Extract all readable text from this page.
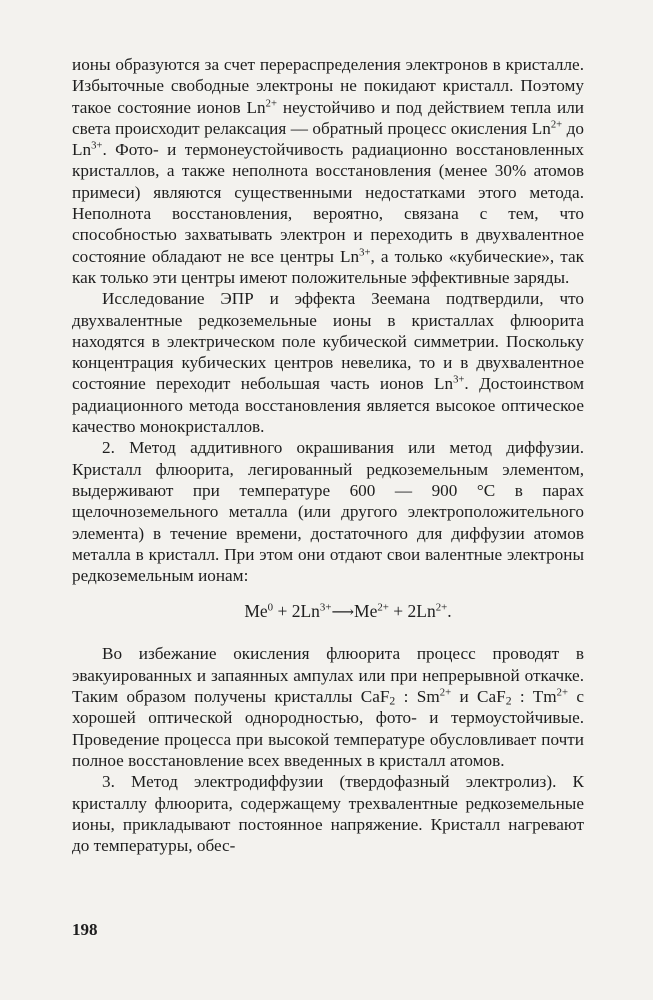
ионы образуются за счет перераспределения электронов в кристалле. Избыточные свободные электроны не покидают кристалл. Поэтому такое состояние ионов $Ln^{2+}$ неустойчиво и под действием тепла или света происходит релаксация — обратный процесс окисления $Ln^{2+}$ до $Ln^{3+}$. Фото- и термонеустойчивость радиационно восстановленных кристаллов, а также неполнота восстановления (менее 30% атомов примеси) являются существенными недостатками этого метода. Неполнота восстановления, вероятно, связана с тем, что способностью захватывать электрон и переходить в двухвалентное состояние обладают не все центры $Ln^{3+}$, а только «кубические», так как только эти центры имеют положительные эффективные заряды.

Исследование ЭПР и эффекта Зеемана подтвердили, что двухвалентные редкоземельные ионы в кристаллах флюорита находятся в электрическом поле кубической симметрии. Поскольку концентрация кубических центров невелика, то и в двухвалентное состояние переходит небольшая часть ионов $Ln^{3+}$. Достоинством радиационного метода восстановления является высокое оптическое качество монокристаллов.

2. Метод аддитивного окрашивания или метод диффузии. Кристалл флюорита, легированный редкоземельным элементом, выдерживают при температуре 600 — 900 °С в парах щелочноземельного металла (или другого электроположительного элемента) в течение времени, достаточного для диффузии атомов металла в кристалл. При этом они отдают свои валентные электроны редкоземельным ионам:

$Me^0$ + $2Ln^{3+}⟶Me^{2+} + 2Ln^{2+}$.

Во избежание окисления флюорита процесс проводят в эвакуированных и запаянных ампулах или при непрерывной откачке. Таким образом получены кристаллы CaF$_2$ : $Sm^{2+}$ и CaF$_2$ : $Tm^{2+}$ с хорошей оптической однородностью, фото- и термоустойчивые. Проведение процесса при высокой температуре обусловливает почти полное восстановление всех введенных в кристалл атомов.

3. Метод электродиффузии (твердофазный электролиз). К кристаллу флюорита, содержащему трехвалентные редкоземельные ионы, прикладывают постоянное напряжение. Кристалл нагревают до температуры, обес-

198
